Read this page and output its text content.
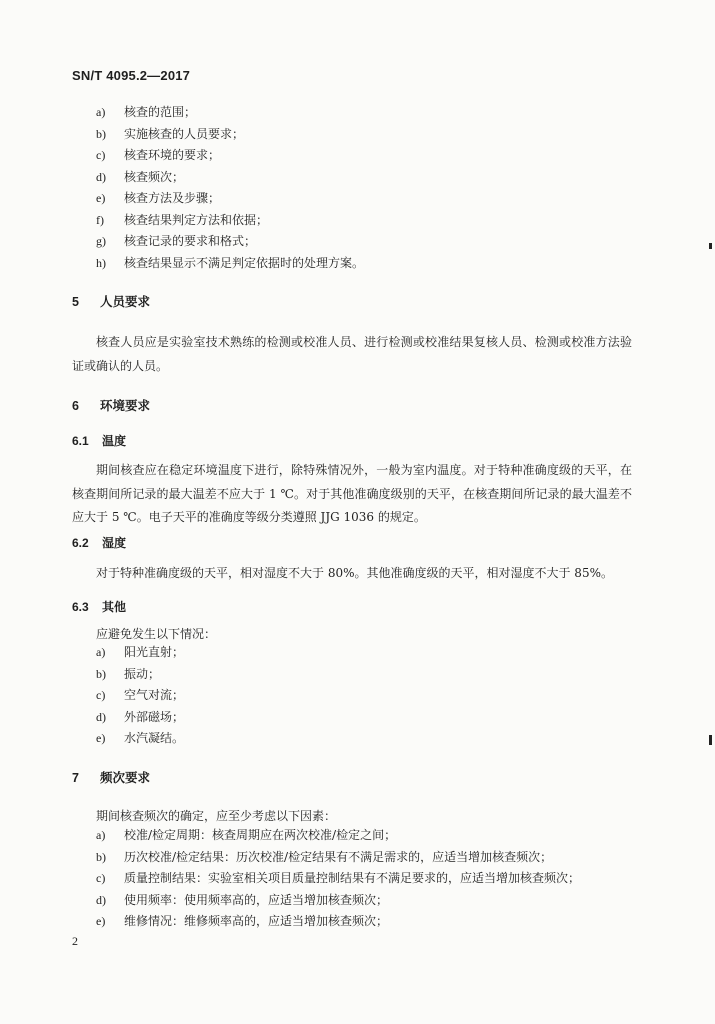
SN/T 4095.2—2017
a) 核查的范围；
b) 实施核查的人员要求；
c) 核查环境的要求；
d) 核查频次；
e) 核查方法及步骤；
f) 核查结果判定方法和依据；
g) 核查记录的要求和格式；
h) 核查结果显示不满足判定依据时的处理方案。
5 人员要求

核查人员应是实验室技术熟练的检测或校准人员、进行检测或校准结果复核人员、检测或校准方法验证或确认的人员。

6 环境要求
6.1 温度

期间核查应在稳定环境温度下进行，除特殊情况外，一般为室内温度。对于特种准确度级的天平，在核查期间所记录的最大温差不应大于 1 ℃。对于其他准确度级别的天平，在核查期间所记录的最大温差不应大于 5 ℃。电子天平的准确度等级分类遵照 JJG 1036 的规定。

6.2 湿度

对于特种准确度级的天平，相对湿度不大于 80%。其他准确度级的天平，相对湿度不大于 85%。

6.3 其他

应避免发生以下情况：

a) 阳光直射；
b) 振动；
c) 空气对流；
d) 外部磁场；
e) 水汽凝结。
7 频次要求

期间核查频次的确定，应至少考虑以下因素：

a) 校准/检定周期：核查周期应在两次校准/检定之间；
b) 历次校准/检定结果：历次校准/检定结果有不满足需求的，应适当增加核查频次；
c) 质量控制结果：实验室相关项目质量控制结果有不满足要求的，应适当增加核查频次；
d) 使用频率：使用频率高的，应适当增加核查频次；
e) 维修情况：维修频率高的，应适当增加核查频次；
2
